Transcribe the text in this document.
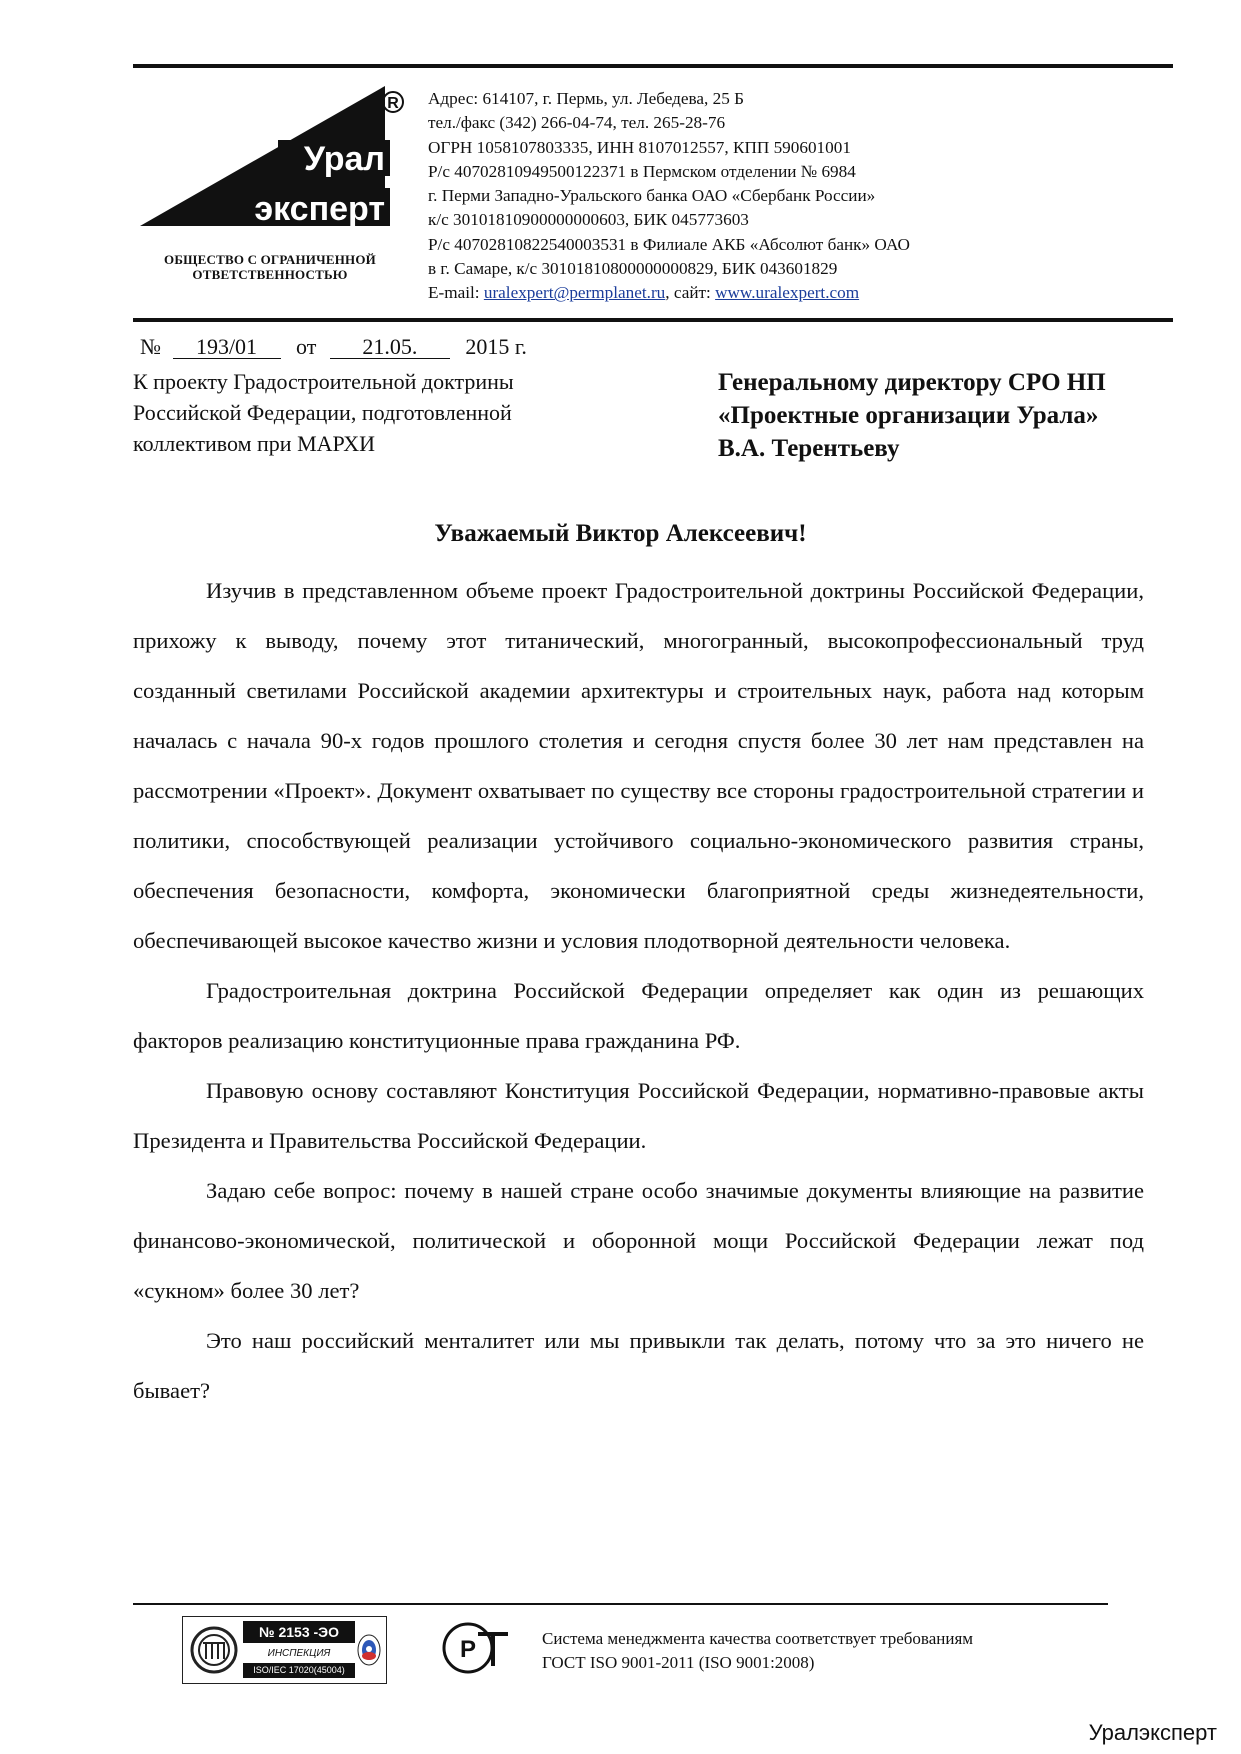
Урал
эксперт
R
ОБЩЕСТВО С ОГРАНИЧЕННОЙ ОТВЕТСТВЕННОСТЬЮ
Адрес: 614107, г. Пермь, ул. Лебедева, 25 Б
тел./факс (342) 266-04-74, тел. 265-28-76
ОГРН 1058107803335, ИНН 8107012557, КПП 590601001
Р/с 40702810949500122371 в Пермском отделении № 6984
г. Перми Западно-Уральского банка ОАО «Сбербанк России»
к/с 30101810900000000603, БИК 045773603
Р/с 40702810822540003531 в Филиале АКБ «Абсолют банк» ОАО
в г. Самаре, к/с 30101810800000000829, БИК 043601829
E-mail: uralexpert@permplanet.ru, сайт: www.uralexpert.com
№ 193/01 от 21.05. 2015 г.
К проекту Градостроительной доктрины
Российской Федерации, подготовленной
коллективом при МАРХИ
Генеральному директору СРО НП
«Проектные организации Урала»
В.А. Терентьеву
Уважаемый Виктор Алексеевич!

Изучив в представленном объеме проект Градостроительной доктрины Российской Федерации, прихожу к выводу, почему этот титанический, многогранный, высокопрофессиональный труд созданный светилами Российской академии архитектуры и строительных наук, работа над которым началась с начала 90-х годов прошлого столетия и сегодня спустя более 30 лет нам представлен на рассмотрении «Проект». Документ охватывает по существу все стороны градостроительной стратегии и политики, способствующей реализации устойчивого социально-экономического развития страны, обеспечения безопасности, комфорта, экономически благоприятной среды жизнедеятельности, обеспечивающей высокое качество жизни и условия плодотворной деятельности человека.

Градостроительная доктрина Российской Федерации определяет как один из решающих факторов реализацию конституционные права гражданина РФ.

Правовую основу составляют Конституция Российской Федерации, нормативно-правовые акты Президента и Правительства Российской Федерации.

Задаю себе вопрос: почему в нашей стране особо значимые документы влияющие на развитие финансово-экономической, политической и оборонной мощи Российской Федерации лежат под «сукном» более 30 лет?

Это наш российский менталитет или мы привыкли так делать, потому что за это ничего не бывает?

№ 2153 -ЭО
ИНСПЕКЦИЯ
ISO/IEC 17020(45004)
Р
РСТ
Система менеджмента качества соответствует требованиям
ГОСТ ISO 9001-2011 (ISO 9001:2008)
Уралэксперт
